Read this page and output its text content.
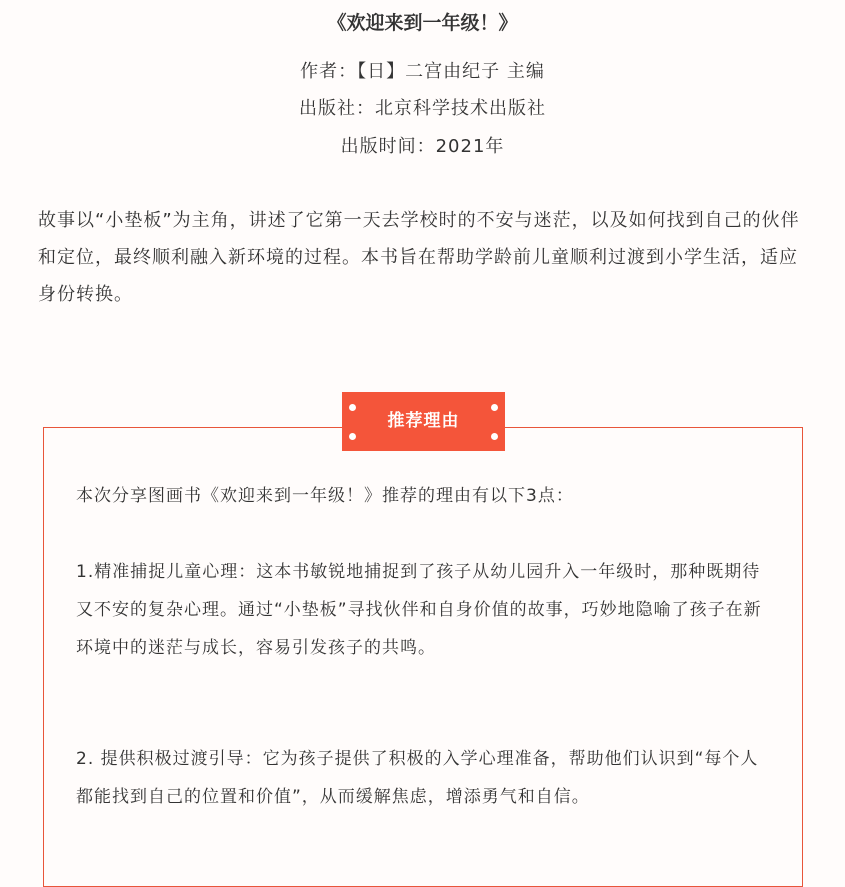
《欢迎来到一年级！》
作者：【日】二宫由纪子 主编
出版社：北京科学技术出版社
出版时间：2021年

故事以“小垫板”为主角，讲述了它第一天去学校时的不安与迷茫，以及如何找到自己的伙伴和定位，最终顺利融入新环境的过程。本书旨在帮助学龄前儿童顺利过渡到小学生活，适应身份转换。

推荐理由

本次分享图画书《欢迎来到一年级！》推荐的理由有以下3点：

1.精准捕捉儿童心理：这本书敏锐地捕捉到了孩子从幼儿园升入一年级时，那种既期待又不安的复杂心理。通过“小垫板”寻找伙伴和自身价值的故事，巧妙地隐喻了孩子在新环境中的迷茫与成长，容易引发孩子的共鸣。

2. 提供积极过渡引导：它为孩子提供了积极的入学心理准备，帮助他们认识到“每个人都能找到自己的位置和价值”，从而缓解焦虑，增添勇气和自信。
